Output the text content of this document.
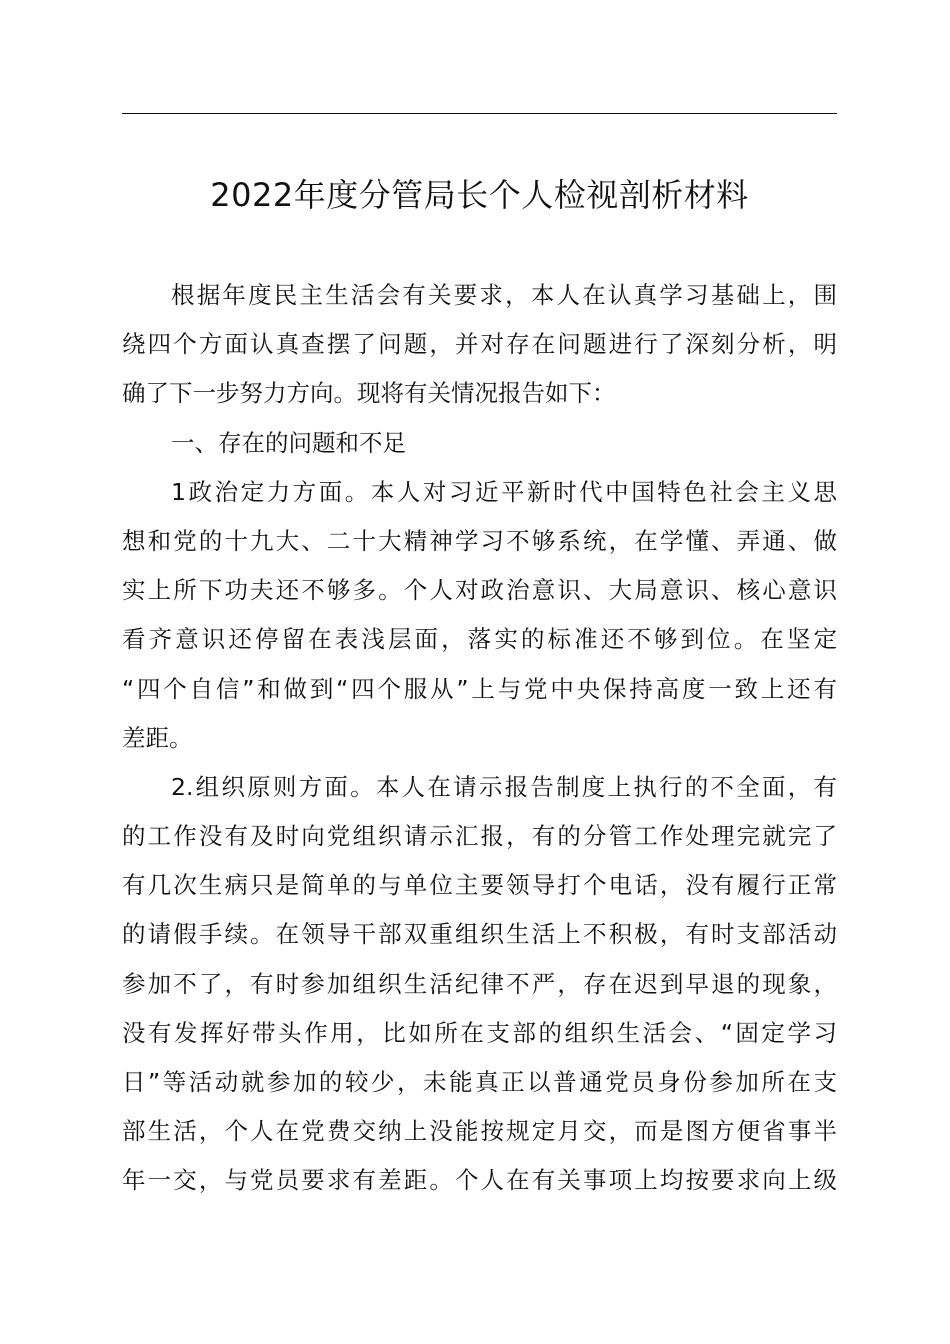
2022年度分管局长个人检视剖析材料
根据年度民主生活会有关要求，本人在认真学习基础上，围
绕四个方面认真查摆了问题，并对存在问题进行了深刻分析，明
确了下一步努力方向。现将有关情况报告如下：
一、存在的问题和不足
1政治定力方面。本人对习近平新时代中国特色社会主义思
想和党的十九大、二十大精神学习不够系统，在学懂、弄通、做
实上所下功夫还不够多。个人对政治意识、大局意识、核心意识
看齐意识还停留在表浅层面，落实的标准还不够到位。在坚定
“四个自信”和做到“四个服从”上与党中央保持高度一致上还有
差距。
2.组织原则方面。本人在请示报告制度上执行的不全面，有
的工作没有及时向党组织请示汇报，有的分管工作处理完就完了
有几次生病只是简单的与单位主要领导打个电话，没有履行正常
的请假手续。在领导干部双重组织生活上不积极，有时支部活动
参加不了，有时参加组织生活纪律不严，存在迟到早退的现象，
没有发挥好带头作用，比如所在支部的组织生活会、“固定学习
日”等活动就参加的较少，未能真正以普通党员身份参加所在支
部生活，个人在党费交纳上没能按规定月交，而是图方便省事半
年一交，与党员要求有差距。个人在有关事项上均按要求向上级
